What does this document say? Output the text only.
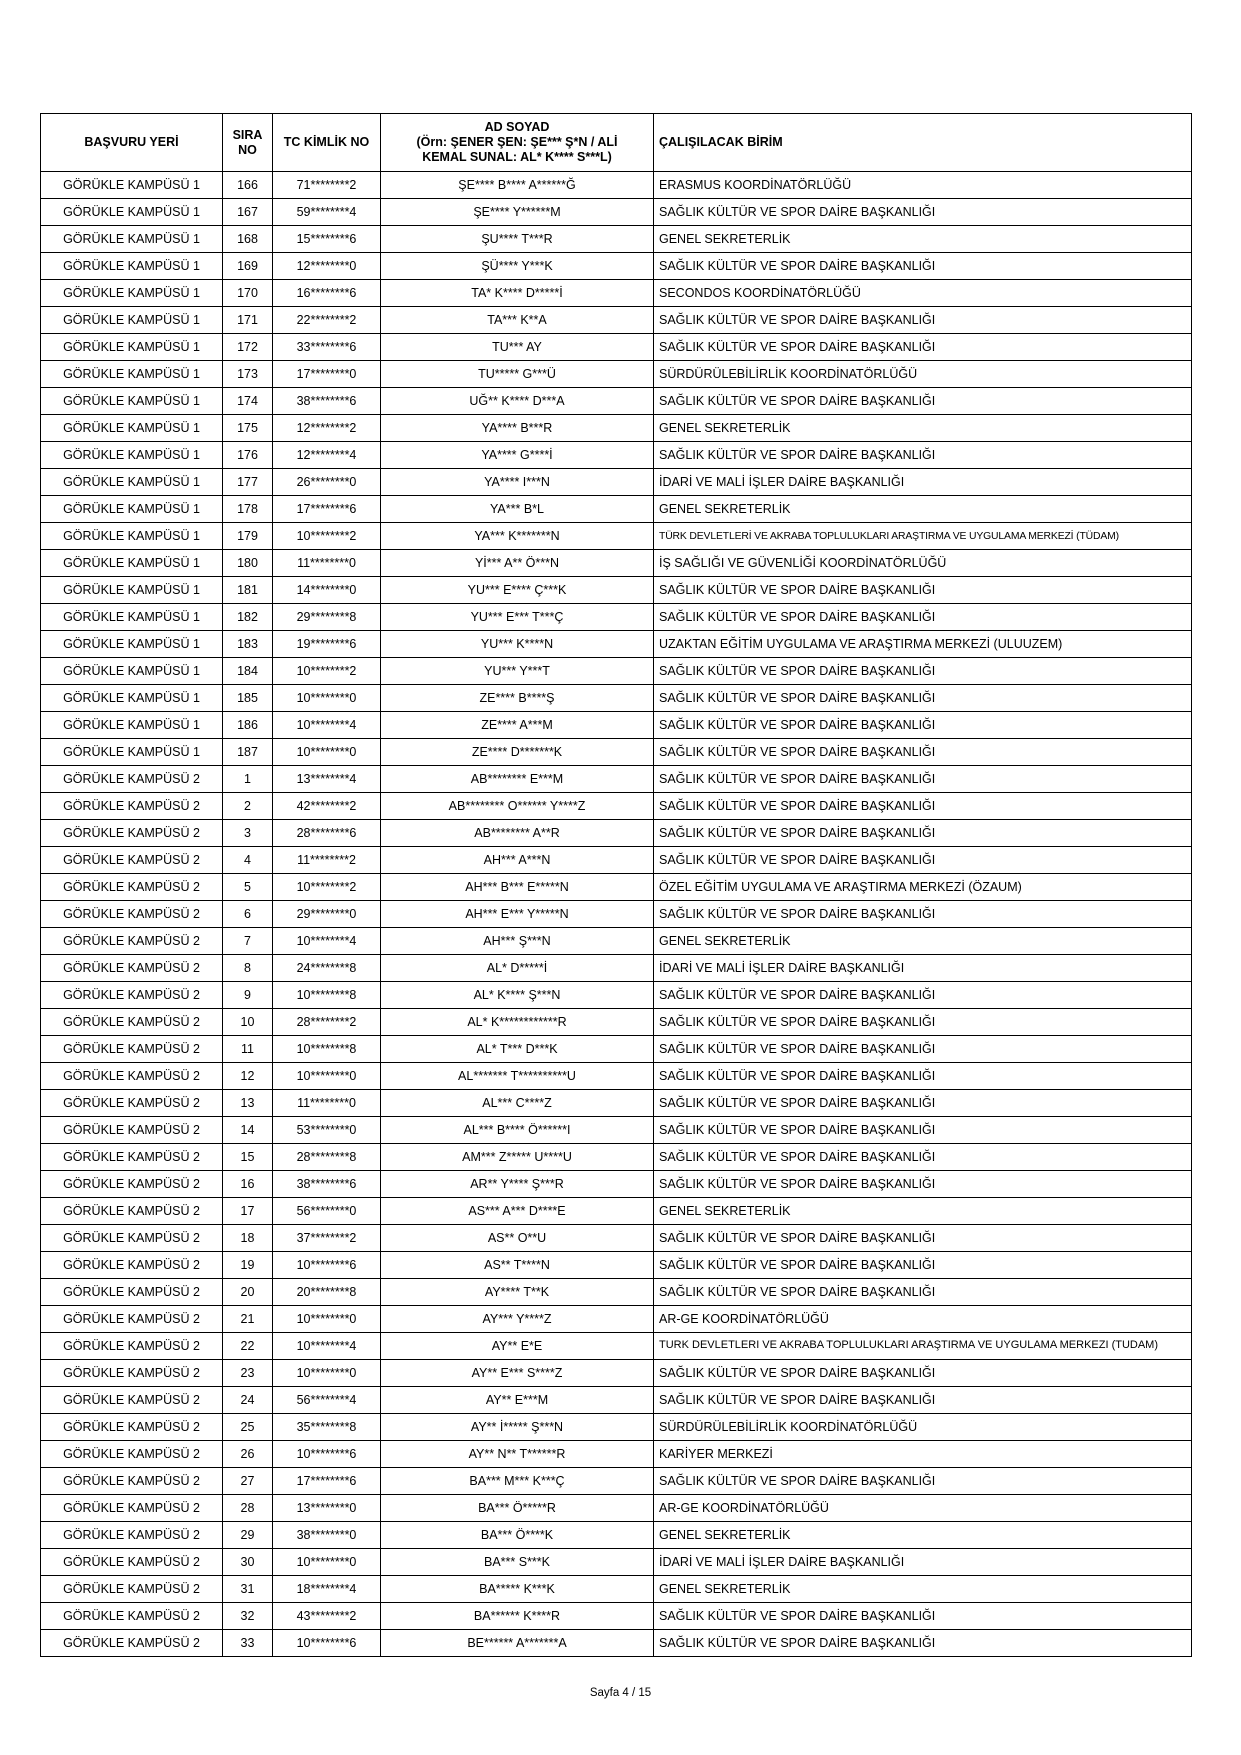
BAŞVURU YERİ	SIRA NO	TC KİMLİK NO	AD SOYAD
(Örn: ŞENER ŞEN: ŞE*** Ş*N / ALİ
KEMAL SUNAL: AL* K**** S***L)	ÇALIŞILACAK BİRİM
GÖRÜKLE KAMPÜSÜ 1	166	71********2	ŞE**** B**** A******Ğ	ERASMUS KOORDİNATÖRLÜĞÜ

GÖRÜKLE KAMPÜSÜ 1	167	59********4	ŞE**** Y******M	SAĞLIK KÜLTÜR VE SPOR DAİRE BAŞKANLIĞI

GÖRÜKLE KAMPÜSÜ 1	168	15********6	ŞU**** T***R	GENEL SEKRETERLİK

GÖRÜKLE KAMPÜSÜ 1	169	12********0	ŞÜ**** Y***K	SAĞLIK KÜLTÜR VE SPOR DAİRE BAŞKANLIĞI

GÖRÜKLE KAMPÜSÜ 1	170	16********6	TA* K**** D*****İ	SECONDOS KOORDİNATÖRLÜĞÜ

GÖRÜKLE KAMPÜSÜ 1	171	22********2	TA*** K**A	SAĞLIK KÜLTÜR VE SPOR DAİRE BAŞKANLIĞI

GÖRÜKLE KAMPÜSÜ 1	172	33********6	TU*** AY	SAĞLIK KÜLTÜR VE SPOR DAİRE BAŞKANLIĞI

GÖRÜKLE KAMPÜSÜ 1	173	17********0	TU***** G***Ü	SÜRDÜRÜLEBİLİRLİK KOORDİNATÖRLÜĞÜ

GÖRÜKLE KAMPÜSÜ 1	174	38********6	UĞ** K**** D***A	SAĞLIK KÜLTÜR VE SPOR DAİRE BAŞKANLIĞI

GÖRÜKLE KAMPÜSÜ 1	175	12********2	YA**** B***R	GENEL SEKRETERLİK

GÖRÜKLE KAMPÜSÜ 1	176	12********4	YA**** G****İ	SAĞLIK KÜLTÜR VE SPOR DAİRE BAŞKANLIĞI

GÖRÜKLE KAMPÜSÜ 1	177	26********0	YA**** I***N	İDARİ VE MALİ İŞLER DAİRE BAŞKANLIĞI

GÖRÜKLE KAMPÜSÜ 1	178	17********6	YA*** B*L	GENEL SEKRETERLİK

GÖRÜKLE KAMPÜSÜ 1	179	10********2	YA*** K*******N	TÜRK DEVLETLERİ VE AKRABA TOPLULUKLARI ARAŞTIRMA VE UYGULAMA MERKEZİ (TÜDAM)

GÖRÜKLE KAMPÜSÜ 1	180	11********0	Yİ*** A** Ö***N	İŞ SAĞLIĞI VE GÜVENLİĞİ KOORDİNATÖRLÜĞÜ

GÖRÜKLE KAMPÜSÜ 1	181	14********0	YU*** E**** Ç***K	SAĞLIK KÜLTÜR VE SPOR DAİRE BAŞKANLIĞI

GÖRÜKLE KAMPÜSÜ 1	182	29********8	YU*** E*** T***Ç	SAĞLIK KÜLTÜR VE SPOR DAİRE BAŞKANLIĞI

GÖRÜKLE KAMPÜSÜ 1	183	19********6	YU*** K****N	UZAKTAN EĞİTİM UYGULAMA VE ARAŞTIRMA MERKEZİ (ULUUZEM)

GÖRÜKLE KAMPÜSÜ 1	184	10********2	YU*** Y***T	SAĞLIK KÜLTÜR VE SPOR DAİRE BAŞKANLIĞI

GÖRÜKLE KAMPÜSÜ 1	185	10********0	ZE**** B****Ş	SAĞLIK KÜLTÜR VE SPOR DAİRE BAŞKANLIĞI

GÖRÜKLE KAMPÜSÜ 1	186	10********4	ZE**** A***M	SAĞLIK KÜLTÜR VE SPOR DAİRE BAŞKANLIĞI

GÖRÜKLE KAMPÜSÜ 1	187	10********0	ZE**** D*******K	SAĞLIK KÜLTÜR VE SPOR DAİRE BAŞKANLIĞI

GÖRÜKLE KAMPÜSÜ 2	1	13********4	AB******** E***M	SAĞLIK KÜLTÜR VE SPOR DAİRE BAŞKANLIĞI

GÖRÜKLE KAMPÜSÜ 2	2	42********2	AB******** O****** Y****Z	SAĞLIK KÜLTÜR VE SPOR DAİRE BAŞKANLIĞI

GÖRÜKLE KAMPÜSÜ 2	3	28********6	AB******** A**R	SAĞLIK KÜLTÜR VE SPOR DAİRE BAŞKANLIĞI

GÖRÜKLE KAMPÜSÜ 2	4	11********2	AH*** A***N	SAĞLIK KÜLTÜR VE SPOR DAİRE BAŞKANLIĞI

GÖRÜKLE KAMPÜSÜ 2	5	10********2	AH*** B*** E*****N	ÖZEL EĞİTİM UYGULAMA VE ARAŞTIRMA MERKEZİ (ÖZAUM)

GÖRÜKLE KAMPÜSÜ 2	6	29********0	AH*** E*** Y*****N	SAĞLIK KÜLTÜR VE SPOR DAİRE BAŞKANLIĞI

GÖRÜKLE KAMPÜSÜ 2	7	10********4	AH*** Ş***N	GENEL SEKRETERLİK

GÖRÜKLE KAMPÜSÜ 2	8	24********8	AL* D*****İ	İDARİ VE MALİ İŞLER DAİRE BAŞKANLIĞI

GÖRÜKLE KAMPÜSÜ 2	9	10********8	AL* K**** Ş***N	SAĞLIK KÜLTÜR VE SPOR DAİRE BAŞKANLIĞI

GÖRÜKLE KAMPÜSÜ 2	10	28********2	AL* K************R	SAĞLIK KÜLTÜR VE SPOR DAİRE BAŞKANLIĞI

GÖRÜKLE KAMPÜSÜ 2	11	10********8	AL* T*** D***K	SAĞLIK KÜLTÜR VE SPOR DAİRE BAŞKANLIĞI

GÖRÜKLE KAMPÜSÜ 2	12	10********0	AL******* T**********U	SAĞLIK KÜLTÜR VE SPOR DAİRE BAŞKANLIĞI

GÖRÜKLE KAMPÜSÜ 2	13	11********0	AL*** C****Z	SAĞLIK KÜLTÜR VE SPOR DAİRE BAŞKANLIĞI

GÖRÜKLE KAMPÜSÜ 2	14	53********0	AL*** B**** Ö******I	SAĞLIK KÜLTÜR VE SPOR DAİRE BAŞKANLIĞI

GÖRÜKLE KAMPÜSÜ 2	15	28********8	AM*** Z***** U****U	SAĞLIK KÜLTÜR VE SPOR DAİRE BAŞKANLIĞI

GÖRÜKLE KAMPÜSÜ 2	16	38********6	AR** Y**** Ş***R	SAĞLIK KÜLTÜR VE SPOR DAİRE BAŞKANLIĞI

GÖRÜKLE KAMPÜSÜ 2	17	56********0	AS*** A*** D****E	GENEL SEKRETERLİK

GÖRÜKLE KAMPÜSÜ 2	18	37********2	AS** O**U	SAĞLIK KÜLTÜR VE SPOR DAİRE BAŞKANLIĞI

GÖRÜKLE KAMPÜSÜ 2	19	10********6	AS** T****N	SAĞLIK KÜLTÜR VE SPOR DAİRE BAŞKANLIĞI

GÖRÜKLE KAMPÜSÜ 2	20	20********8	AY**** T**K	SAĞLIK KÜLTÜR VE SPOR DAİRE BAŞKANLIĞI

GÖRÜKLE KAMPÜSÜ 2	21	10********0	AY*** Y****Z	AR-GE KOORDİNATÖRLÜĞÜ

GÖRÜKLE KAMPÜSÜ 2	22	10********4	AY** E*E	TÜRK DEVLETLERİ VE AKRABA TOPLULUKLARI ARAŞTIRMA VE UYGULAMA MERKEZİ (TÜDAM)

GÖRÜKLE KAMPÜSÜ 2	23	10********0	AY** E*** S****Z	SAĞLIK KÜLTÜR VE SPOR DAİRE BAŞKANLIĞI

GÖRÜKLE KAMPÜSÜ 2	24	56********4	AY** E***M	SAĞLIK KÜLTÜR VE SPOR DAİRE BAŞKANLIĞI

GÖRÜKLE KAMPÜSÜ 2	25	35********8	AY** İ***** Ş***N	SÜRDÜRÜLEBİLİRLİK KOORDİNATÖRLÜĞÜ

GÖRÜKLE KAMPÜSÜ 2	26	10********6	AY** N** T******R	KARİYER MERKEZİ

GÖRÜKLE KAMPÜSÜ 2	27	17********6	BA*** M*** K***Ç	SAĞLIK KÜLTÜR VE SPOR DAİRE BAŞKANLIĞI

GÖRÜKLE KAMPÜSÜ 2	28	13********0	BA*** Ö*****R	AR-GE KOORDİNATÖRLÜĞÜ

GÖRÜKLE KAMPÜSÜ 2	29	38********0	BA*** Ö****K	GENEL SEKRETERLİK

GÖRÜKLE KAMPÜSÜ 2	30	10********0	BA*** S***K	İDARİ VE MALİ İŞLER DAİRE BAŞKANLIĞI

GÖRÜKLE KAMPÜSÜ 2	31	18********4	BA***** K***K	GENEL SEKRETERLİK

GÖRÜKLE KAMPÜSÜ 2	32	43********2	BA****** K****R	SAĞLIK KÜLTÜR VE SPOR DAİRE BAŞKANLIĞI

GÖRÜKLE KAMPÜSÜ 2	33	10********6	BE****** A*******A	SAĞLIK KÜLTÜR VE SPOR DAİRE BAŞKANLIĞI
Sayfa 4 / 15
